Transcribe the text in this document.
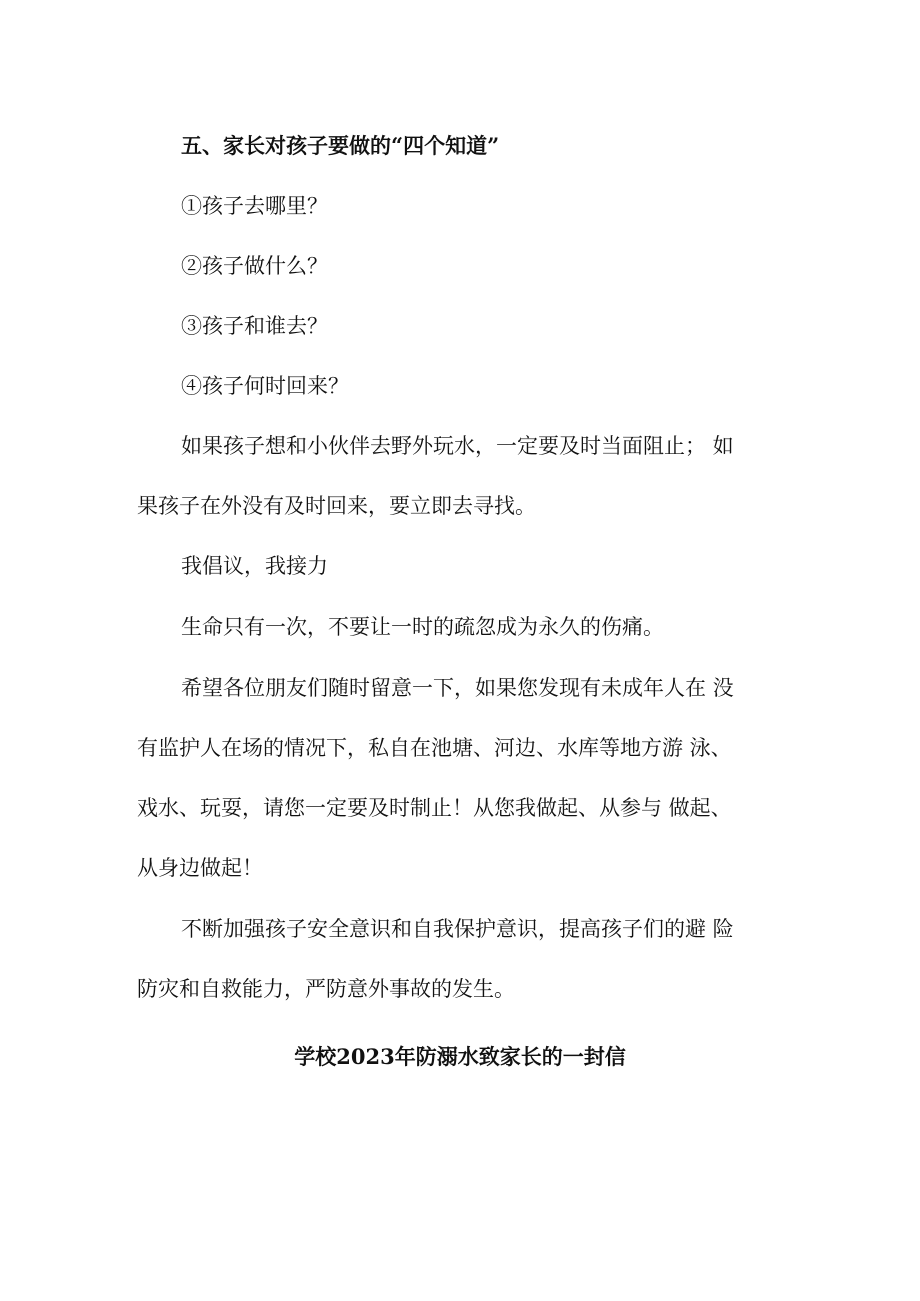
五、家长对孩子要做的“四个知道”

①孩子去哪里？

②孩子做什么？

③孩子和谁去？

④孩子何时回来？

如果孩子想和小伙伴去野外玩水，一定要及时当面阻止； 如

果孩子在外没有及时回来，要立即去寻找。

我倡议，我接力

生命只有一次，不要让一时的疏忽成为永久的伤痛。

希望各位朋友们随时留意一下，如果您发现有未成年人在 没

有监护人在场的情况下，私自在池塘、河边、水库等地方游 泳、

戏水、玩耍，请您一定要及时制止！从您我做起、从参与 做起、

从身边做起！

不断加强孩子安全意识和自我保护意识，提高孩子们的避 险

防灾和自救能力，严防意外事故的发生。

学校2023年防溺水致家长的一封信
